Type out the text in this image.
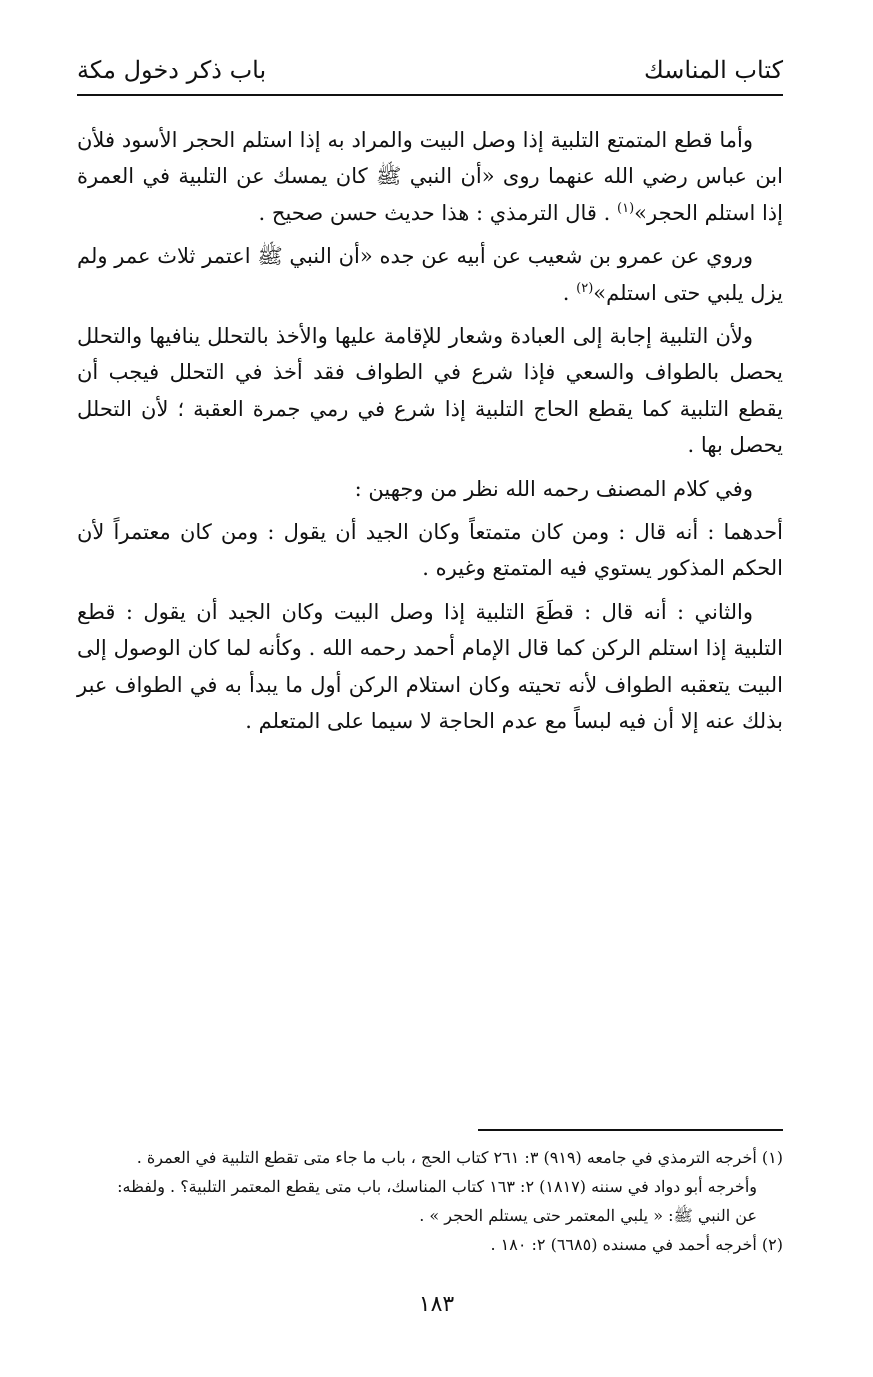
كتاب المناسك
باب ذكر دخول مكة

وأما قطع المتمتع التلبية إذا وصل البيت والمراد به إذا استلم الحجر الأسود فلأن ابن عباس رضي الله عنهما روى «أن النبي ﷺ كان يمسك عن التلبية في العمرة إذا استلم الحجر»$^{(١)}$ . قال الترمذي : هذا حديث حسن صحيح .

وروي عن عمرو بن شعيب عن أبيه عن جده «أن النبي ﷺ اعتمر ثلاث عمر ولم يزل يلبي حتى استلم»$^{(٢)}$ .

ولأن التلبية إجابة إلى العبادة وشعار للإقامة عليها والأخذ بالتحلل ينافيها والتحلل يحصل بالطواف والسعي فإذا شرع في الطواف فقد أخذ في التحلل فيجب أن يقطع التلبية كما يقطع الحاج التلبية إذا شرع في رمي جمرة العقبة ؛ لأن التحلل يحصل بها .

وفي كلام المصنف رحمه الله نظر من وجهين :

أحدهما : أنه قال : ومن كان متمتعاً وكان الجيد أن يقول : ومن كان معتمراً لأن الحكم المذكور يستوي فيه المتمتع وغيره .

والثاني : أنه قال : قطَعَ التلبية إذا وصل البيت وكان الجيد أن يقول : قطع التلبية إذا استلم الركن كما قال الإمام أحمد رحمه الله . وكأنه لما كان الوصول إلى البيت يتعقبه الطواف لأنه تحيته وكان استلام الركن أول ما يبدأ به في الطواف عبر بذلك عنه إلا أن فيه لبساً مع عدم الحاجة لا سيما على المتعلم .

(١) أخرجه الترمذي في جامعه (٩١٩) ٣: ٢٦١ كتاب الحج ، باب ما جاء متى تقطع التلبية في العمرة .

وأخرجه أبو دواد في سننه (١٨١٧) ٢: ١٦٣ كتاب المناسك، باب متى يقطع المعتمر التلبية؟ . ولفظه:

عن النبي ﷺ: « يلبي المعتمر حتى يستلم الحجر » .

(٢) أخرجه أحمد في مسنده (٦٦٨٥) ٢: ١٨٠ .

١٨٣
